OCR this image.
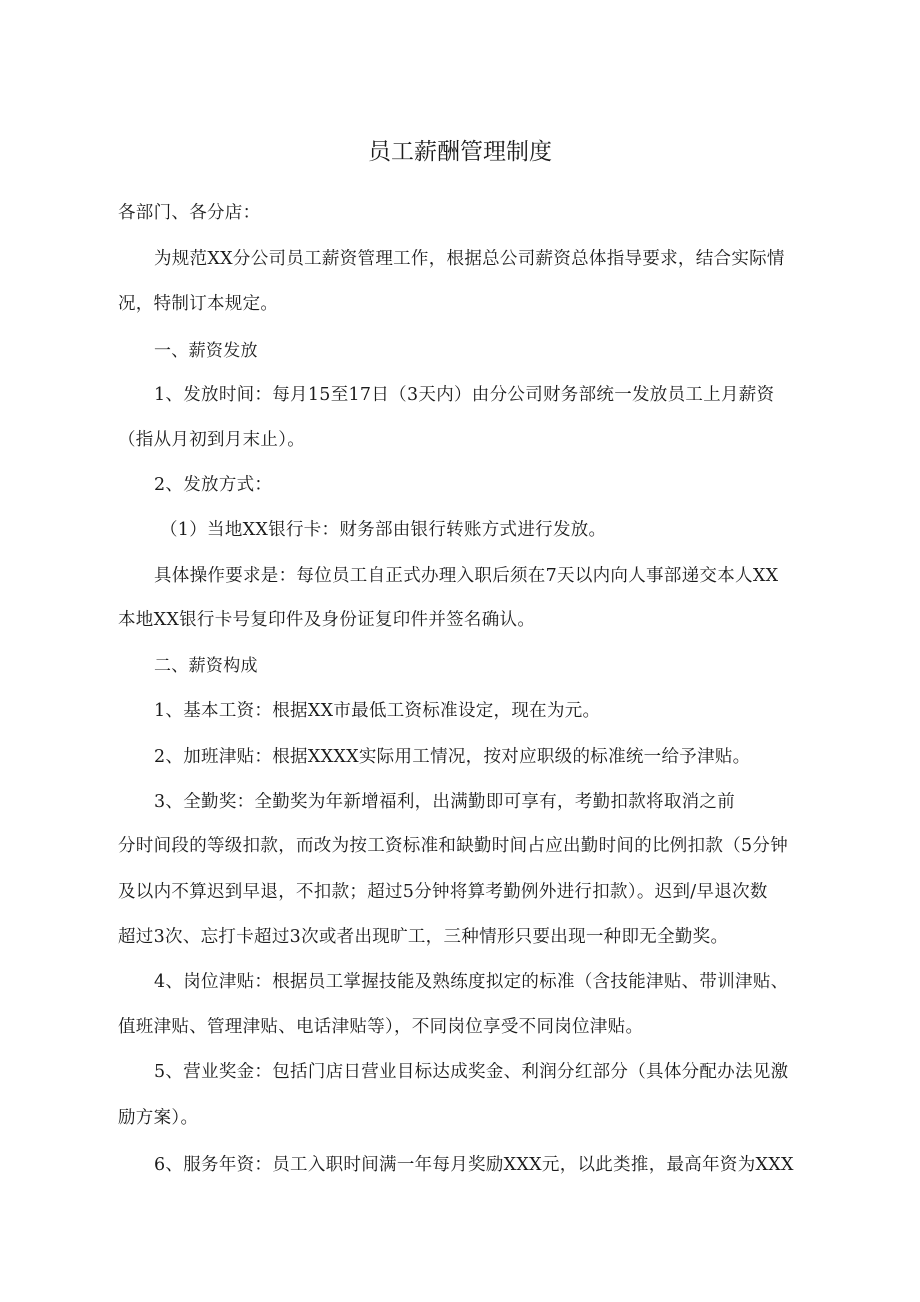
员工薪酬管理制度
各部门、各分店：
为规范XX分公司员工薪资管理工作，根据总公司薪资总体指导要求，结合实际情
况，特制订本规定。
一、薪资发放
1、发放时间：每月15至17日（3天内）由分公司财务部统一发放员工上月薪资
（指从月初到月末止）。
2、发放方式：
（1）当地XX银行卡：财务部由银行转账方式进行发放。
具体操作要求是：每位员工自正式办理入职后须在7天以内向人事部递交本人XX
本地XX银行卡号复印件及身份证复印件并签名确认。
二、薪资构成
1、基本工资：根据XX市最低工资标准设定，现在为元。
2、加班津贴：根据XXXX实际用工情况，按对应职级的标准统一给予津贴。
3、全勤奖：全勤奖为年新增福利，出满勤即可享有，考勤扣款将取消之前
分时间段的等级扣款，而改为按工资标准和缺勤时间占应出勤时间的比例扣款（5分钟
及以内不算迟到早退，不扣款；超过5分钟将算考勤例外进行扣款）。迟到/早退次数
超过3次、忘打卡超过3次或者出现旷工，三种情形只要出现一种即无全勤奖。
4、岗位津贴：根据员工掌握技能及熟练度拟定的标准（含技能津贴、带训津贴、
值班津贴、管理津贴、电话津贴等），不同岗位享受不同岗位津贴。
5、营业奖金：包括门店日营业目标达成奖金、利润分红部分（具体分配办法见激
励方案）。
6、服务年资：员工入职时间满一年每月奖励XXX元，以此类推，最高年资为XXX
